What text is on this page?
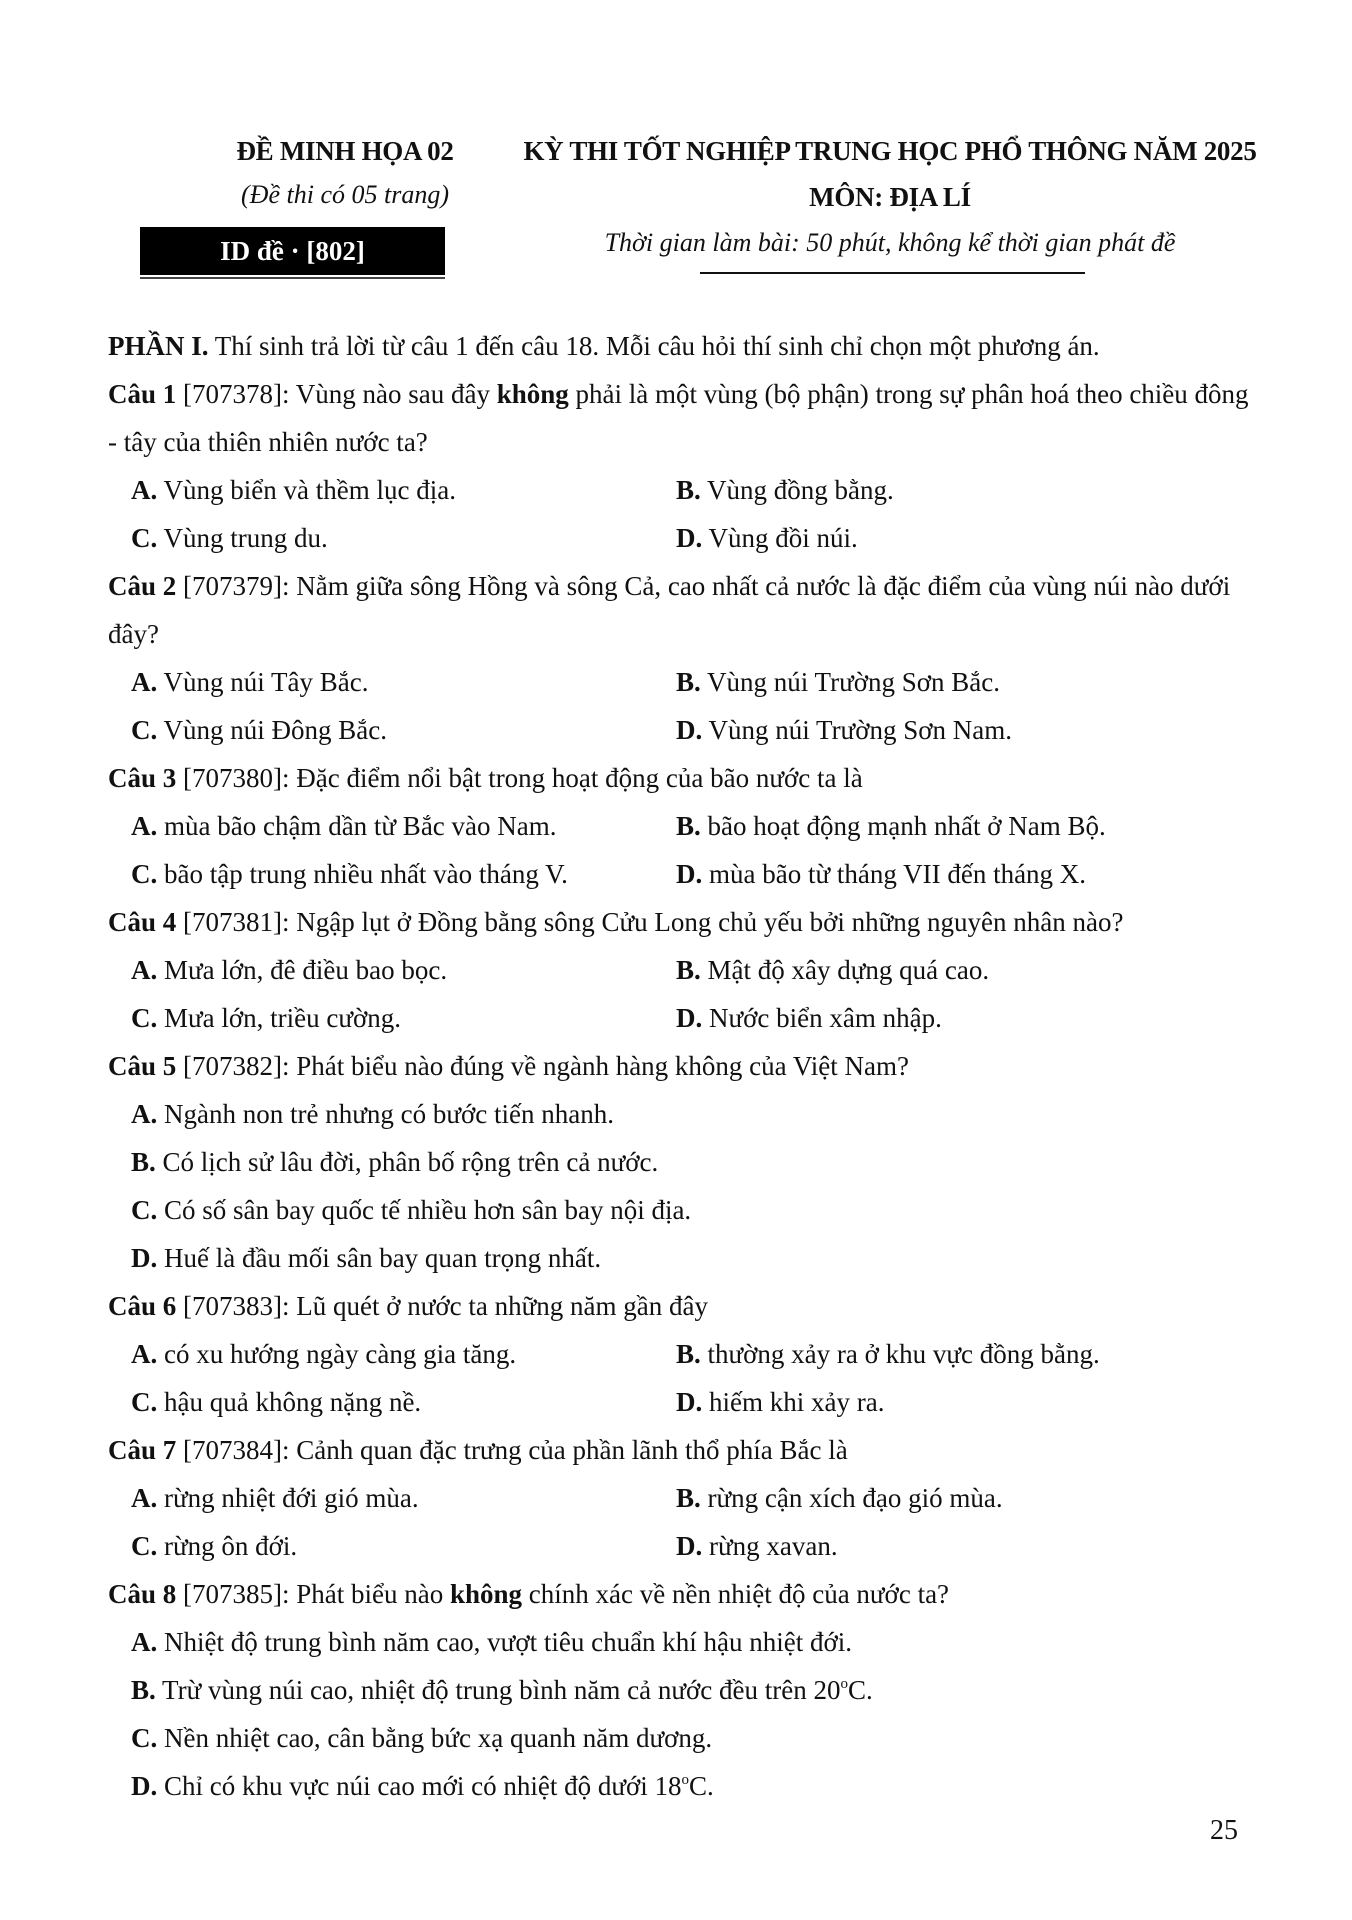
ĐỀ MINH HỌA 02
(Đề thi có 05 trang)
ID đề · [802]
KỲ THI TỐT NGHIỆP TRUNG HỌC PHỔ THÔNG NĂM 2025
MÔN: ĐỊA LÍ
Thời gian làm bài: 50 phút, không kể thời gian phát đề
PHẦN I. Thí sinh trả lời từ câu 1 đến câu 18. Mỗi câu hỏi thí sinh chỉ chọn một phương án.
Câu 1 [707378]: Vùng nào sau đây không phải là một vùng (bộ phận) trong sự phân hoá theo chiều đông - tây của thiên nhiên nước ta?
A. Vùng biển và thềm lục địa.	B. Vùng đồng bằng.
C. Vùng trung du.	D. Vùng đồi núi.
Câu 2 [707379]: Nằm giữa sông Hồng và sông Cả, cao nhất cả nước là đặc điểm của vùng núi nào dưới đây?
A. Vùng núi Tây Bắc.	B. Vùng núi Trường Sơn Bắc.
C. Vùng núi Đông Bắc.	D. Vùng núi Trường Sơn Nam.
Câu 3 [707380]: Đặc điểm nổi bật trong hoạt động của bão nước ta là
A. mùa bão chậm dần từ Bắc vào Nam.	B. bão hoạt động mạnh nhất ở Nam Bộ.
C. bão tập trung nhiều nhất vào tháng V.	D. mùa bão từ tháng VII đến tháng X.
Câu 4 [707381]: Ngập lụt ở Đồng bằng sông Cửu Long chủ yếu bởi những nguyên nhân nào?
A. Mưa lớn, đê điều bao bọc.	B. Mật độ xây dựng quá cao.
C. Mưa lớn, triều cường.	D. Nước biển xâm nhập.
Câu 5 [707382]: Phát biểu nào đúng về ngành hàng không của Việt Nam?
A. Ngành non trẻ nhưng có bước tiến nhanh.
B. Có lịch sử lâu đời, phân bố rộng trên cả nước.
C. Có số sân bay quốc tế nhiều hơn sân bay nội địa.
D. Huế là đầu mối sân bay quan trọng nhất.
Câu 6 [707383]: Lũ quét ở nước ta những năm gần đây
A. có xu hướng ngày càng gia tăng.	B. thường xảy ra ở khu vực đồng bằng.
C. hậu quả không nặng nề.	D. hiếm khi xảy ra.
Câu 7 [707384]: Cảnh quan đặc trưng của phần lãnh thổ phía Bắc là
A. rừng nhiệt đới gió mùa.	B. rừng cận xích đạo gió mùa.
C. rừng ôn đới.	D. rừng xavan.
Câu 8 [707385]: Phát biểu nào không chính xác về nền nhiệt độ của nước ta?
A. Nhiệt độ trung bình năm cao, vượt tiêu chuẩn khí hậu nhiệt đới.
B. Trừ vùng núi cao, nhiệt độ trung bình năm cả nước đều trên 20$^o$C.
C. Nền nhiệt cao, cân bằng bức xạ quanh năm dương.
D. Chỉ có khu vực núi cao mới có nhiệt độ dưới 18$^o$C.
25
